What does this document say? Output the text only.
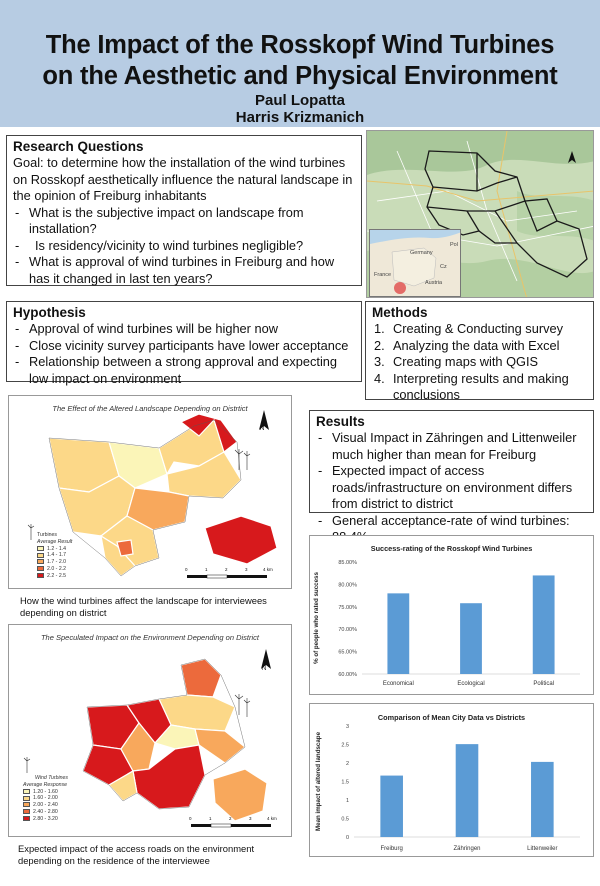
The Impact of the Rosskopf Wind Turbines
on the Aesthetic and Physical Environment
Paul Lopatta
Harris Krizmanich
Research Questions
Goal: to determine how the installation of the wind turbines on Rosskopf aesthetically influence the natural landscape in the opinion of Freiburg inhabitants
- What is the subjective impact on landscape from installation?
- Is residency/vicinity to wind turbines negligible?
- What is approval of wind turbines in Freiburg and how has it changed in last ten years?
Germany
France
Austria
Pol
Cz
Hypothesis
- Approval of wind turbines will be higher now
- Close vicinity survey participants have lower acceptance
- Relationship between a strong approval and expecting low impact on environment
Methods
1. Creating & Conducting survey
2. Analyzing the data with Excel
3. Creating maps with QGIS
4. Interpreting results and making conclusions
Results
- Visual Impact in Zähringen and Littenweiler much higher than mean for Freiburg
- Expected impact of access roads/infrastructure on environment differs from district to district
- General acceptance-rate of wind turbines:
The Effect of the Altered Landscape Depending on Distrtict
N
Turbines
Average Result
1.2 - 1.4
1.4 - 1.7
1.7 - 2.0
2.0 - 2.2
2.2 - 2.5
0	1	2	3	4 km
How the wind turbines affect the landscape for interviewees depending on district
The Speculated Impact on the Environment Depending on District
N
Wind Turbines
Average Response
1.20 - 1.60
1.60 - 2.00
2.00 - 2.40
2.40 - 2.80
2.80 - 3.20	0	1	2	3	4 km
Expected impact of the access roads on the environment depending on the residence of the interviewee
Success-rating of the Rosskopf Wind Turbines
60.00%
65.00%
70.00%
75.00%
80.00%
85.00%
Economical	Ecological	Political
% of people who rated success
Comparison of Mean City Data vs Districts
0
0.5
1
1.5
2
2.5
3
Freiburg	Zähringen	Littenweiler
Mean impact of altered landscape
